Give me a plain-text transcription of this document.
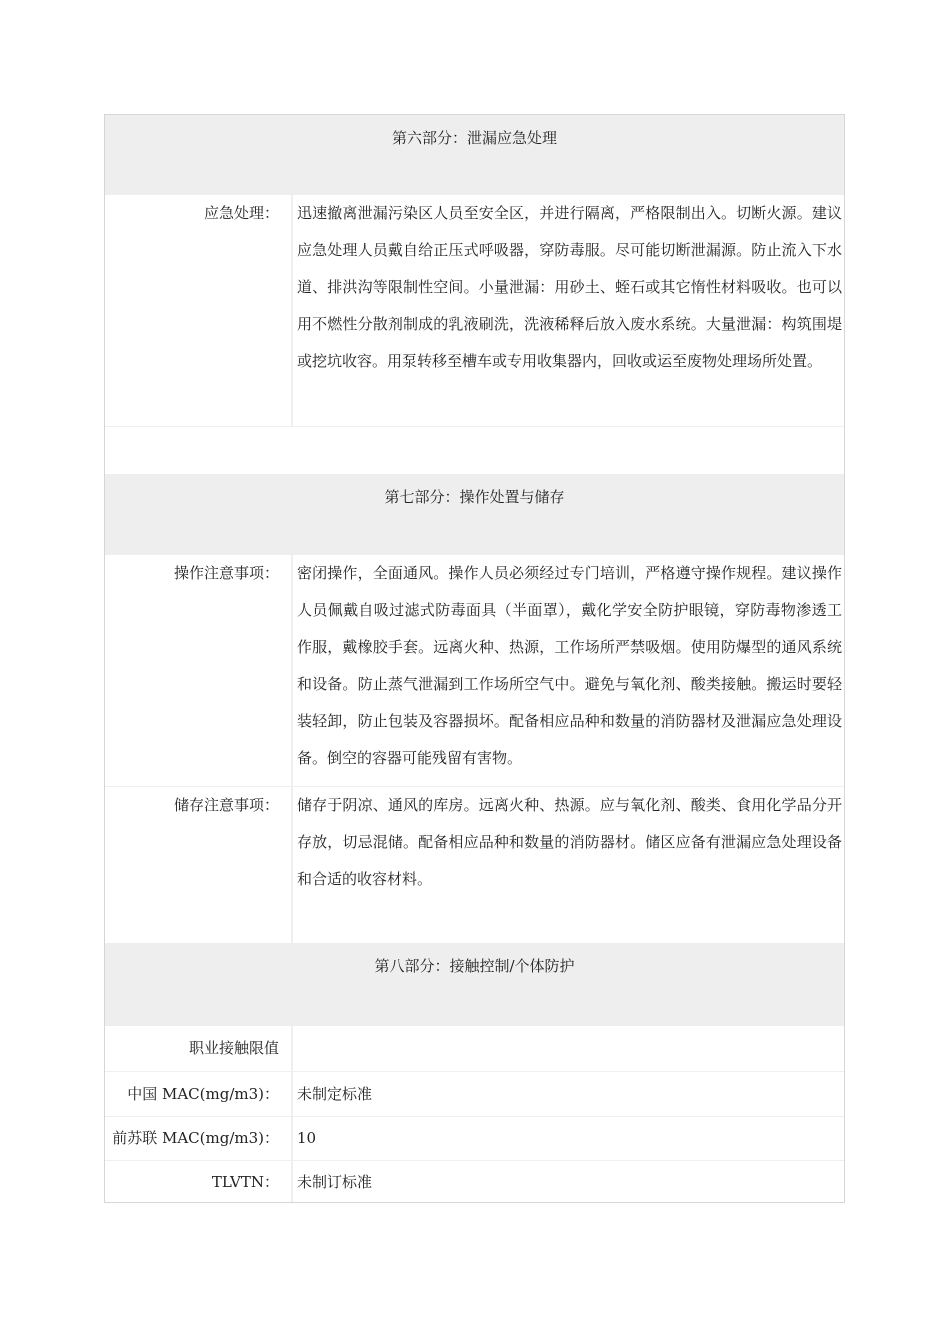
第六部分：泄漏应急处理
应急处理：	迅速撤离泄漏污染区人员至安全区，并进行隔离，严格限制出入。切断火源。建议应急处理人员戴自给正压式呼吸器，穿防毒服。尽可能切断泄漏源。防止流入下水道、排洪沟等限制性空间。小量泄漏：用砂土、蛭石或其它惰性材料吸收。也可以用不燃性分散剂制成的乳液刷洗，洗液稀释后放入废水系统。大量泄漏：构筑围堤或挖坑收容。用泵转移至槽车或专用收集器内，回收或运至废物处理场所处置。
第七部分：操作处置与储存
操作注意事项：	密闭操作，全面通风。操作人员必须经过专门培训，严格遵守操作规程。建议操作人员佩戴自吸过滤式防毒面具（半面罩），戴化学安全防护眼镜，穿防毒物渗透工作服，戴橡胶手套。远离火种、热源，工作场所严禁吸烟。使用防爆型的通风系统和设备。防止蒸气泄漏到工作场所空气中。避免与氧化剂、酸类接触。搬运时要轻装轻卸，防止包装及容器损坏。配备相应品种和数量的消防器材及泄漏应急处理设备。倒空的容器可能残留有害物。
储存注意事项：	储存于阴凉、通风的库房。远离火种、热源。应与氧化剂、酸类、食用化学品分开存放，切忌混储。配备相应品种和数量的消防器材。储区应备有泄漏应急处理设备和合适的收容材料。
第八部分：接触控制/个体防护
职业接触限值
中国 MAC(mg/m3)：	未制定标准
前苏联 MAC(mg/m3)：	10
TLVTN：	未制订标准
